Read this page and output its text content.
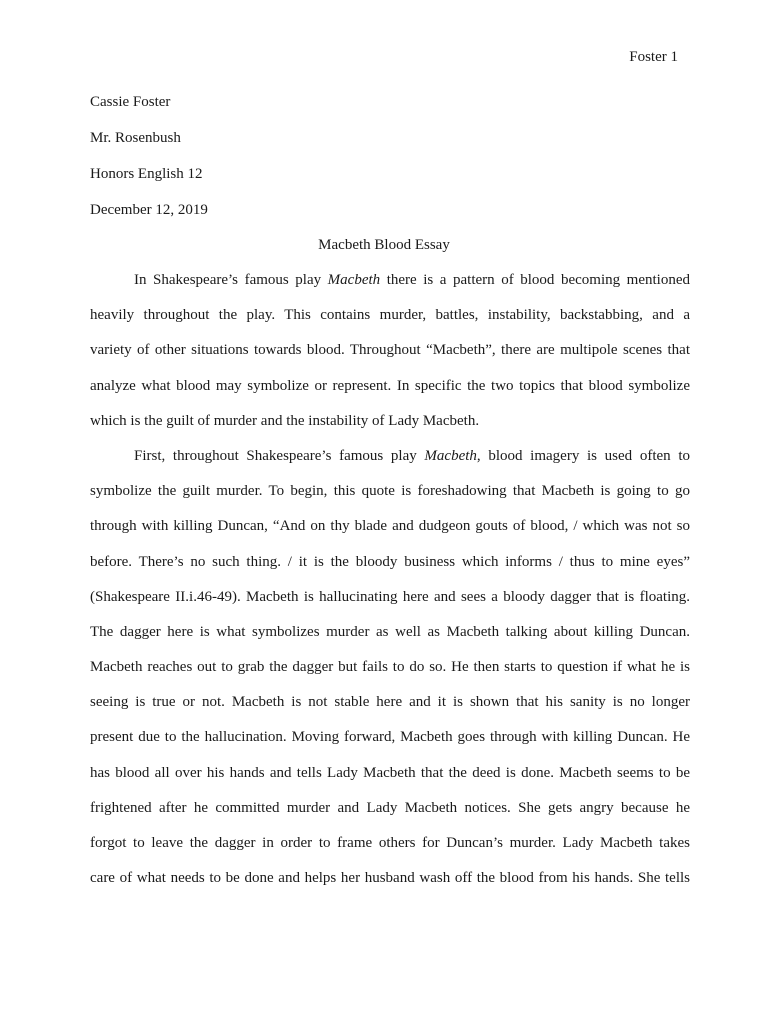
Foster 1
Cassie Foster
Mr. Rosenbush
Honors English 12
December 12, 2019
Macbeth Blood Essay
In Shakespeare’s famous play Macbeth there is a pattern of blood becoming mentioned
heavily throughout the play. This contains murder, battles, instability, backstabbing, and a
variety of other situations towards blood. Throughout “Macbeth”, there are multipole scenes that
analyze what blood may symbolize or represent. In specific the two topics that blood symbolize
which is the guilt of murder and the instability of Lady Macbeth.
First, throughout Shakespeare’s famous play Macbeth, blood imagery is used often to
symbolize the guilt murder. To begin, this quote is foreshadowing that Macbeth is going to go
through with killing Duncan, “And on thy blade and dudgeon gouts of blood, / which was not so
before. There’s no such thing. / it is the bloody business which informs / thus to mine eyes”
(Shakespeare II.i.46-49). Macbeth is hallucinating here and sees a bloody dagger that is floating.
The dagger here is what symbolizes murder as well as Macbeth talking about killing Duncan.
Macbeth reaches out to grab the dagger but fails to do so. He then starts to question if what he is
seeing is true or not. Macbeth is not stable here and it is shown that his sanity is no longer
present due to the hallucination. Moving forward, Macbeth goes through with killing Duncan. He
has blood all over his hands and tells Lady Macbeth that the deed is done. Macbeth seems to be
frightened after he committed murder and Lady Macbeth notices. She gets angry because he
forgot to leave the dagger in order to frame others for Duncan’s murder. Lady Macbeth takes
care of what needs to be done and helps her husband wash off the blood from his hands. She tells
